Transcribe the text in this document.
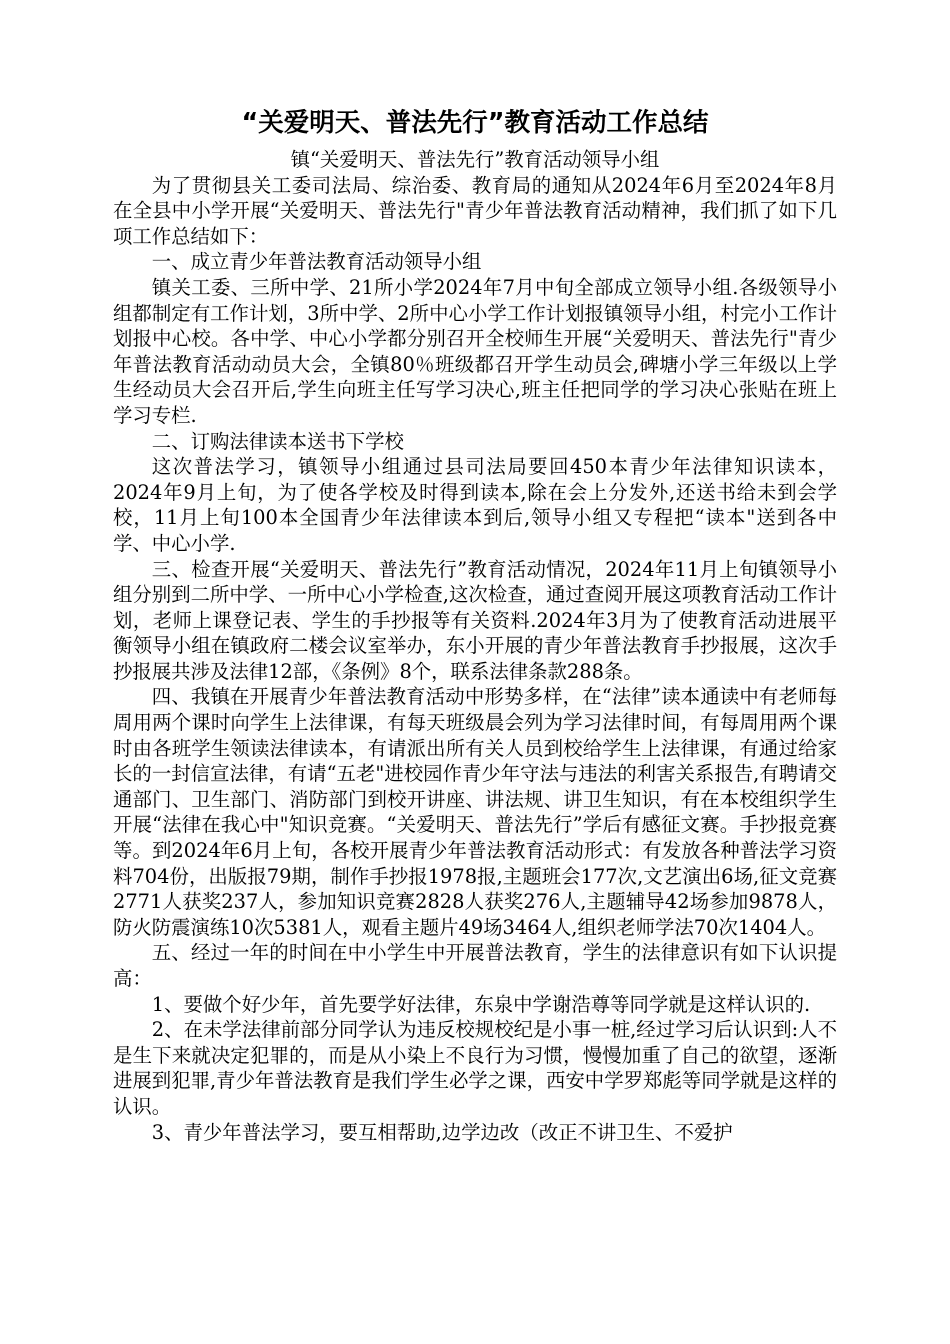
“关爱明天、普法先行”教育活动工作总结
镇“关爱明天、普法先行”教育活动领导小组

为了贯彻县关工委司法局、综治委、教育局的通知从2024年6月至2024年8月在全县中小学开展“关爱明天、普法先行"青少年普法教育活动精神，我们抓了如下几项工作总结如下：

一、成立青少年普法教育活动领导小组

镇关工委、三所中学、21所小学2024年7月中旬全部成立领导小组.各级领导小组都制定有工作计划，3所中学、2所中心小学工作计划报镇领导小组，村完小工作计划报中心校。各中学、中心小学都分别召开全校师生开展“关爱明天、普法先行"青少年普法教育活动动员大会，全镇80％班级都召开学生动员会,碑塘小学三年级以上学生经动员大会召开后,学生向班主任写学习决心,班主任把同学的学习决心张贴在班上学习专栏.

二、订购法律读本送书下学校

这次普法学习，镇领导小组通过县司法局要回450本青少年法律知识读本，2024年9月上旬，为了使各学校及时得到读本,除在会上分发外,还送书给未到会学校，11月上旬100本全国青少年法律读本到后,领导小组又专程把“读本"送到各中学、中心小学.

三、检查开展“关爱明天、普法先行”教育活动情况，2024年11月上旬镇领导小组分别到二所中学、一所中心小学检查,这次检查，通过查阅开展这项教育活动工作计划，老师上课登记表、学生的手抄报等有关资料.2024年3月为了使教育活动进展平衡领导小组在镇政府二楼会议室举办，东小开展的青少年普法教育手抄报展，这次手抄报展共涉及法律12部，《条例》8个，联系法律条款288条。

四、我镇在开展青少年普法教育活动中形势多样，在“法律”读本通读中有老师每周用两个课时向学生上法律课，有每天班级晨会列为学习法律时间，有每周用两个课时由各班学生领读法律读本，有请派出所有关人员到校给学生上法律课，有通过给家长的一封信宣法律，有请“五老"进校园作青少年守法与违法的利害关系报告,有聘请交通部门、卫生部门、消防部门到校开讲座、讲法规、讲卫生知识，有在本校组织学生开展“法律在我心中"知识竞赛。“关爱明天、普法先行”学后有感征文赛。手抄报竞赛等。到2024年6月上旬，各校开展青少年普法教育活动形式：有发放各种普法学习资料704份，出版报79期，制作手抄报1978报,主题班会177次,文艺演出6场,征文竞赛2771人获奖237人，参加知识竞赛2828人获奖276人,主题辅导42场参加9878人，防火防震演练10次5381人，观看主题片49场3464人,组织老师学法70次1404人。

五、经过一年的时间在中小学生中开展普法教育，学生的法律意识有如下认识提高：

1、要做个好少年，首先要学好法律，东泉中学谢浩尊等同学就是这样认识的.

2、在未学法律前部分同学认为违反校规校纪是小事一桩,经过学习后认识到:人不是生下来就决定犯罪的，而是从小染上不良行为习惯，慢慢加重了自己的欲望，逐渐进展到犯罪,青少年普法教育是我们学生必学之课，西安中学罗郑彪等同学就是这样的认识。

3、青少年普法学习，要互相帮助,边学边改（改正不讲卫生、不爱护
